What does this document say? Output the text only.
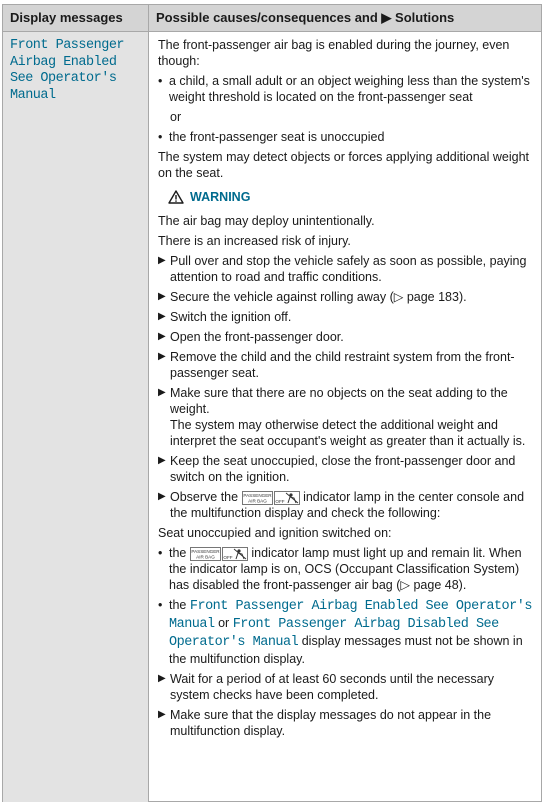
Display messages	Possible causes/consequences and ▶ Solutions
Front Passenger Airbag Enabled See Operator's Manual

The front-passenger air bag is enabled during the journey, even though:

• a child, a small adult or an object weighing less than the system's weight threshold is located on the front-passenger seat
or
• the front-passenger seat is unoccupied

The system may detect objects or forces applying additional weight on the seat.

WARNING

The air bag may deploy unintentionally.

There is an increased risk of injury.

▶ Pull over and stop the vehicle safely as soon as possible, paying attention to road and traffic conditions.
▶ Secure the vehicle against rolling away (▷ page 183).
▶ Switch the ignition off.
▶ Open the front-passenger door.
▶ Remove the child and the child restraint system from the front-passenger seat.
▶ Make sure that there are no objects on the seat adding to the weight.
The system may otherwise detect the additional weight and interpret the seat occupant's weight as greater than it actually is.
▶ Keep the seat unoccupied, close the front-passenger door and switch on the ignition.
▶ Observe the PASSENGER
AIR BAG OFF indicator lamp in the center console and the multifunction display and check the following:

Seat unoccupied and ignition switched on:

• the PASSENGER
AIR BAG OFF indicator lamp must light up and remain lit. When the indicator lamp is on, OCS (Occupant Classification System) has disabled the front-passenger air bag (▷ page 48).
• the Front Passenger Airbag Enabled See Operator's Manual or Front Passenger Airbag Disabled See Operator's Manual display messages must not be shown in the multifunction display.
▶ Wait for a period of at least 60 seconds until the necessary system checks have been completed.
▶ Make sure that the display messages do not appear in the multifunction display.
